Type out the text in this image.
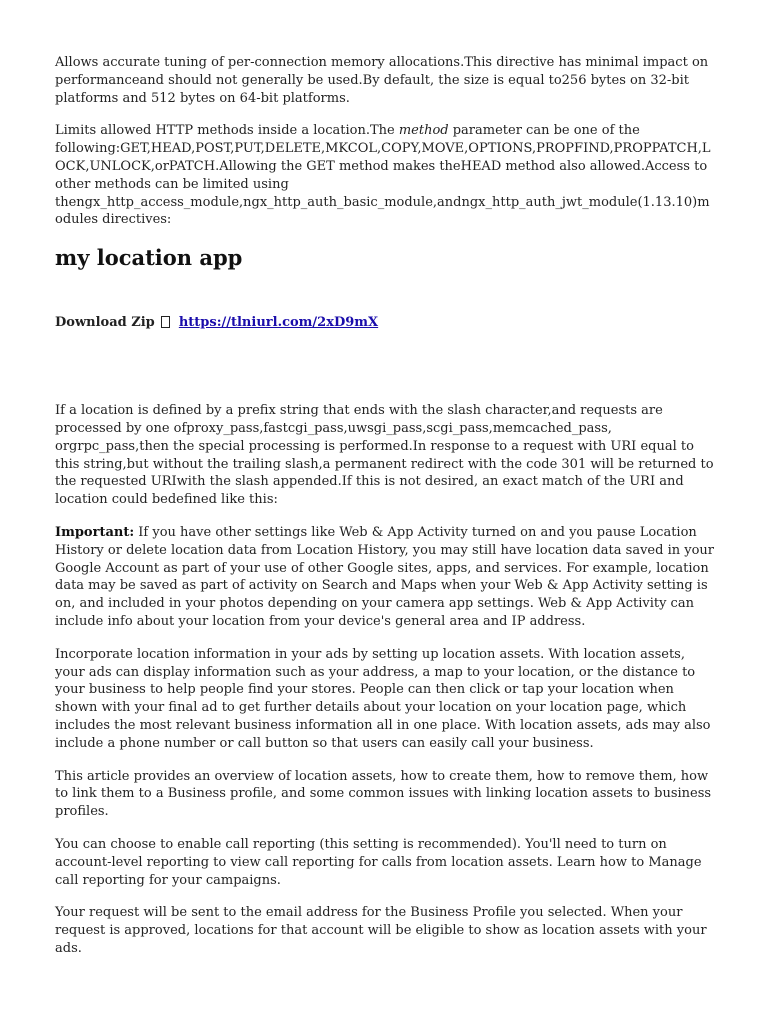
Allows accurate tuning of per-connection memory allocations.This directive has minimal impact on performanceand should not generally be used.By default, the size is equal to256 bytes on 32-bit platforms and 512 bytes on 64-bit platforms.

Limits allowed HTTP methods inside a location.The method parameter can be one of the following:GET,HEAD,POST,PUT,DELETE,MKCOL,COPY,MOVE,OPTIONS,PROPFIND,PROPPATCH,LOCK,UNLOCK,orPATCH.Allowing the GET method makes theHEAD method also allowed.Access to other methods can be limited using thengx_http_access_module,ngx_http_auth_basic_module,andngx_http_auth_jwt_module(1.13.10)modules directives:

my location app
Download Zip https://tlniurl.com/2xD9mX

If a location is defined by a prefix string that ends with the slash character,and requests are processed by one ofproxy_pass,fastcgi_pass,uwsgi_pass,scgi_pass,memcached_pass, orgrpc_pass,then the special processing is performed.In response to a request with URI equal to this string,but without the trailing slash,a permanent redirect with the code 301 will be returned to the requested URIwith the slash appended.If this is not desired, an exact match of the URI and location could bedefined like this:

Important: If you have other settings like Web & App Activity turned on and you pause Location History or delete location data from Location History, you may still have location data saved in your Google Account as part of your use of other Google sites, apps, and services. For example, location data may be saved as part of activity on Search and Maps when your Web & App Activity setting is on, and included in your photos depending on your camera app settings. Web & App Activity can include info about your location from your device's general area and IP address.

Incorporate location information in your ads by setting up location assets. With location assets, your ads can display information such as your address, a map to your location, or the distance to your business to help people find your stores. People can then click or tap your location when shown with your final ad to get further details about your location on your location page, which includes the most relevant business information all in one place. With location assets, ads may also include a phone number or call button so that users can easily call your business.

This article provides an overview of location assets, how to create them, how to remove them, how to link them to a Business profile, and some common issues with linking location assets to business profiles.

You can choose to enable call reporting (this setting is recommended). You'll need to turn on account-level reporting to view call reporting for calls from location assets. Learn how to Manage call reporting for your campaigns.

Your request will be sent to the email address for the Business Profile you selected. When your request is approved, locations for that account will be eligible to show as location assets with your ads.
